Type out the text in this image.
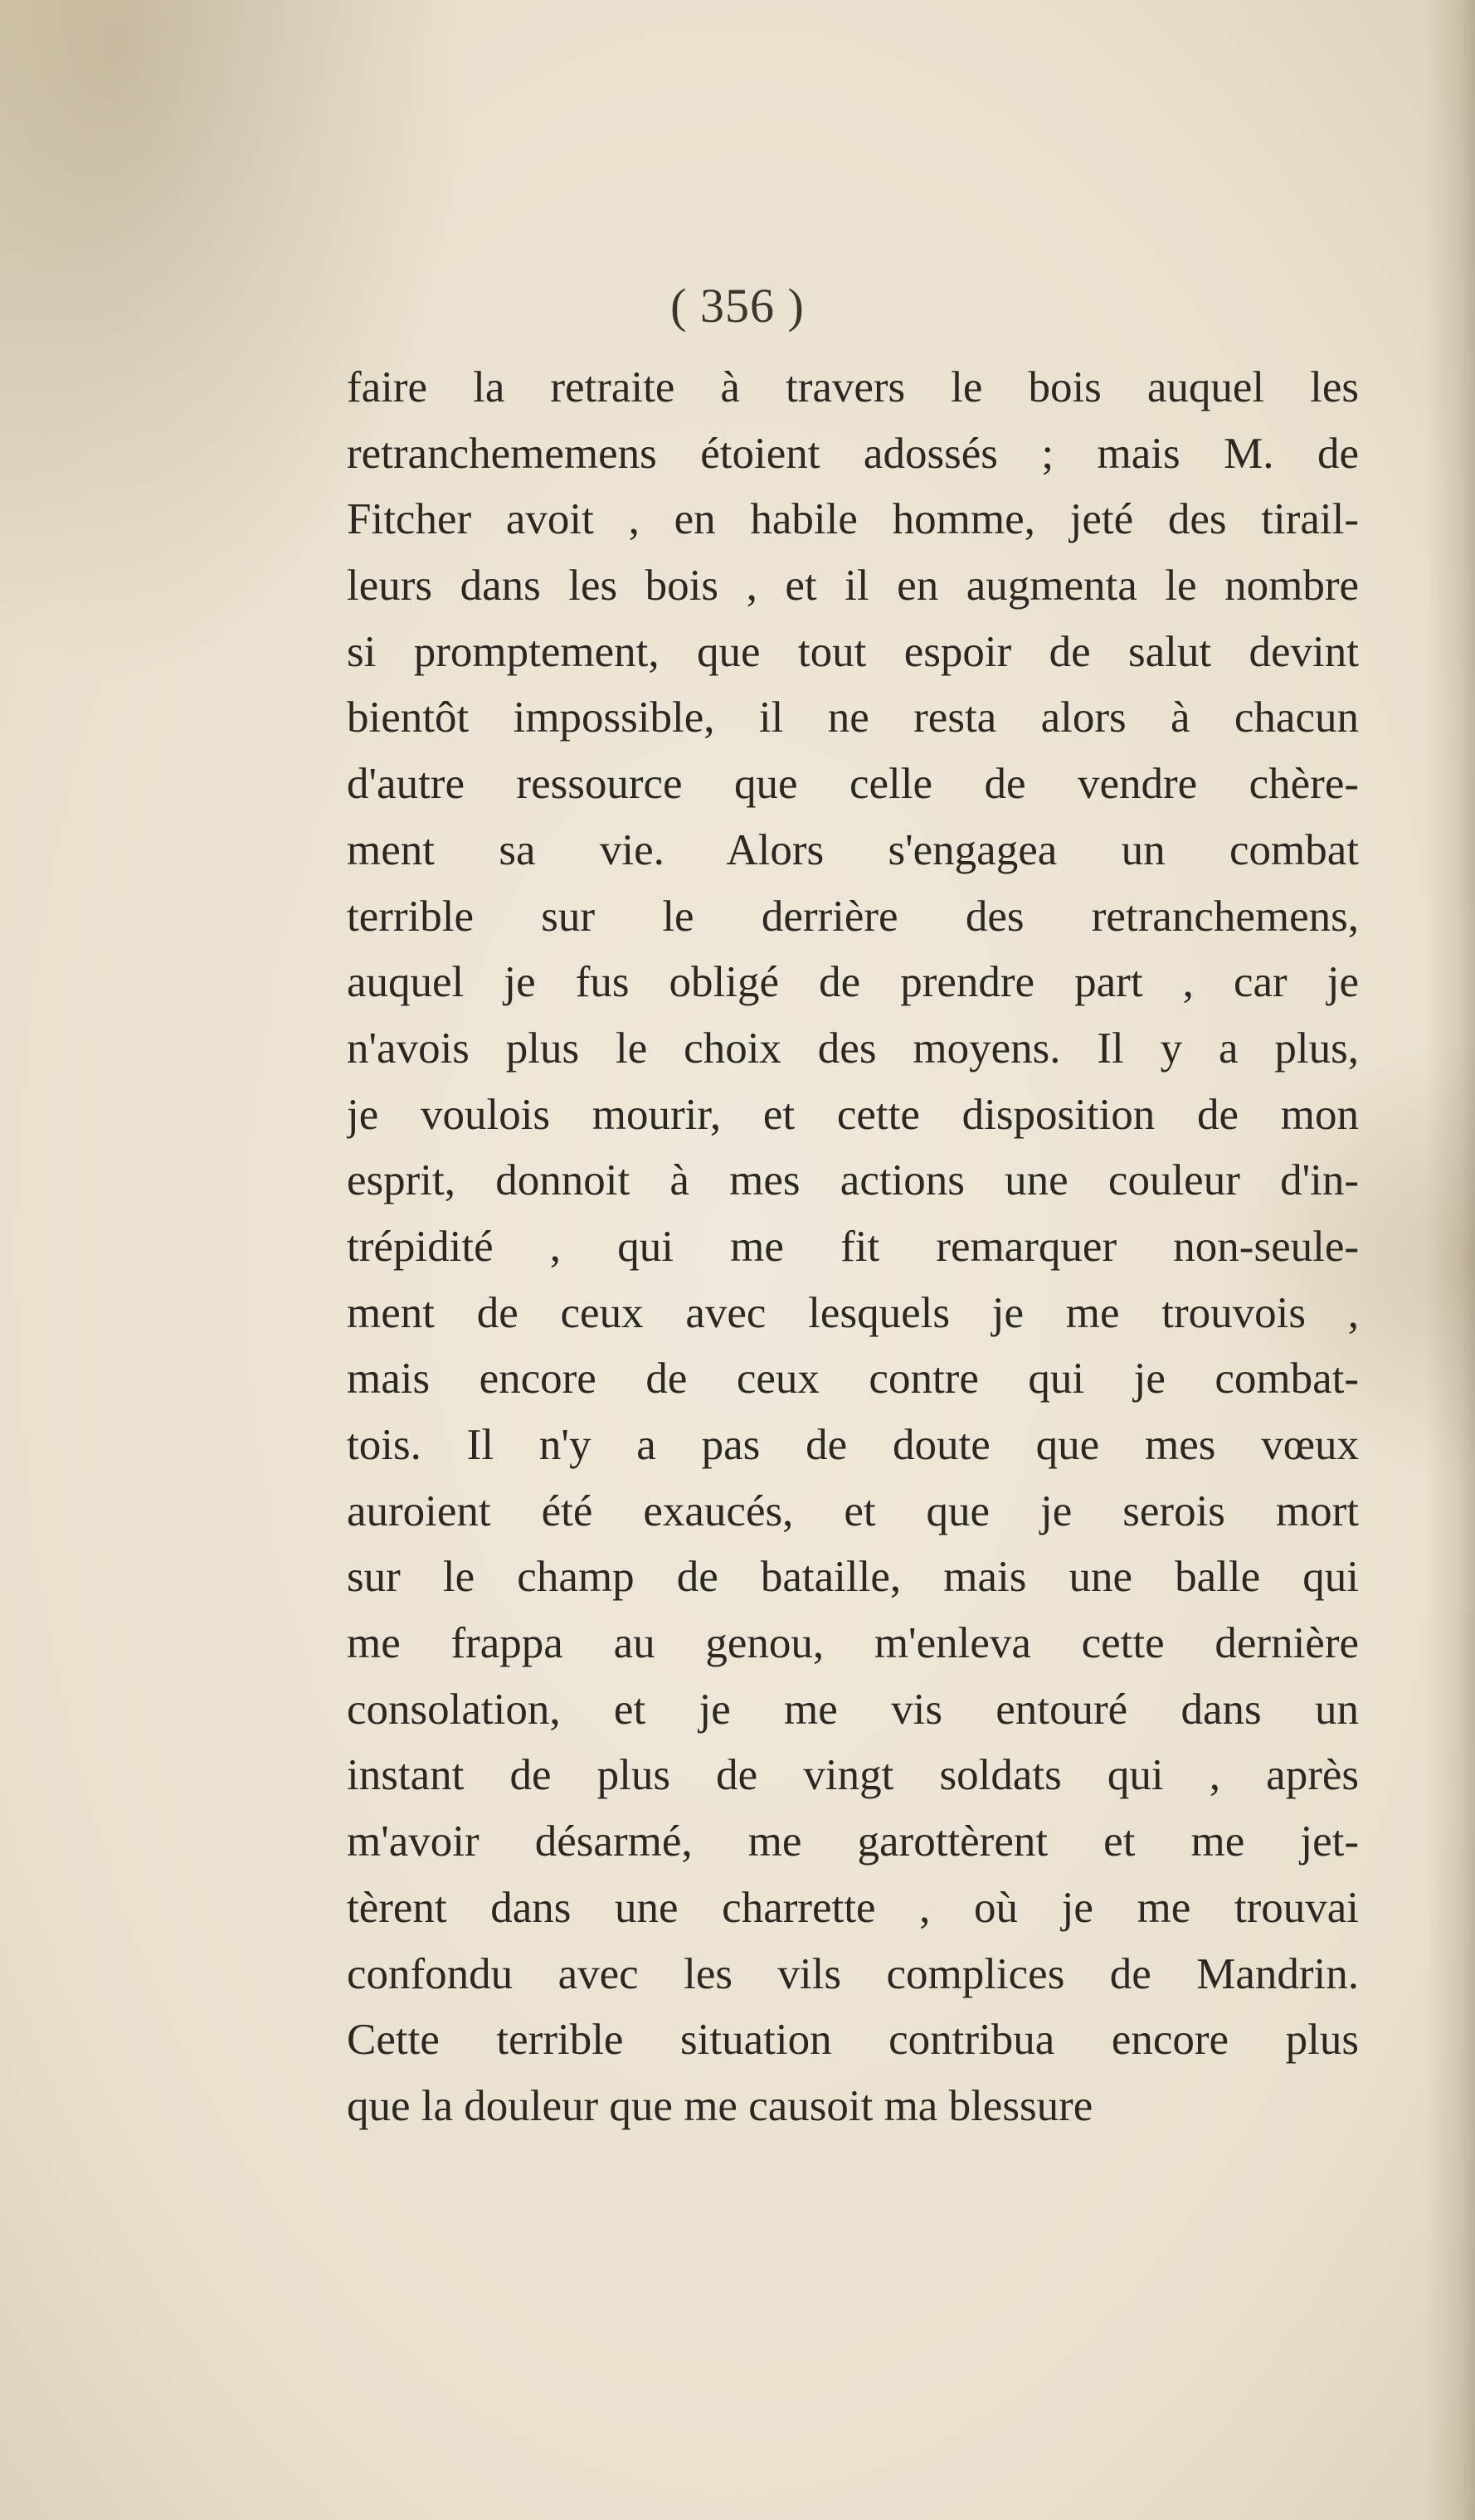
( 356 )
faire la retraite à travers le bois auquel les
retranchememens étoient adossés ; mais M. de
Fitcher avoit , en habile homme, jeté des tirail-
leurs dans les bois , et il en augmenta le nombre
si promptement, que tout espoir de salut devint
bientôt impossible, il ne resta alors à chacun
d'autre ressource que celle de vendre chère-
ment sa vie. Alors s'engagea un combat
terrible sur le derrière des retranchemens,
auquel je fus obligé de prendre part , car je
n'avois plus le choix des moyens. Il y a plus,
je voulois mourir, et cette disposition de mon
esprit, donnoit à mes actions une couleur d'in-
trépidité , qui me fit remarquer non-seule-
ment de ceux avec lesquels je me trouvois ,
mais encore de ceux contre qui je combat-
tois. Il n'y a pas de doute que mes vœux
auroient été exaucés, et que je serois mort
sur le champ de bataille, mais une balle qui
me frappa au genou, m'enleva cette dernière
consolation, et je me vis entouré dans un
instant de plus de vingt soldats qui , après
m'avoir désarmé, me garottèrent et me jet-
tèrent dans une charrette , où je me trouvai
confondu avec les vils complices de Mandrin.
Cette terrible situation contribua encore plus
que la douleur que me causoit ma blessure
